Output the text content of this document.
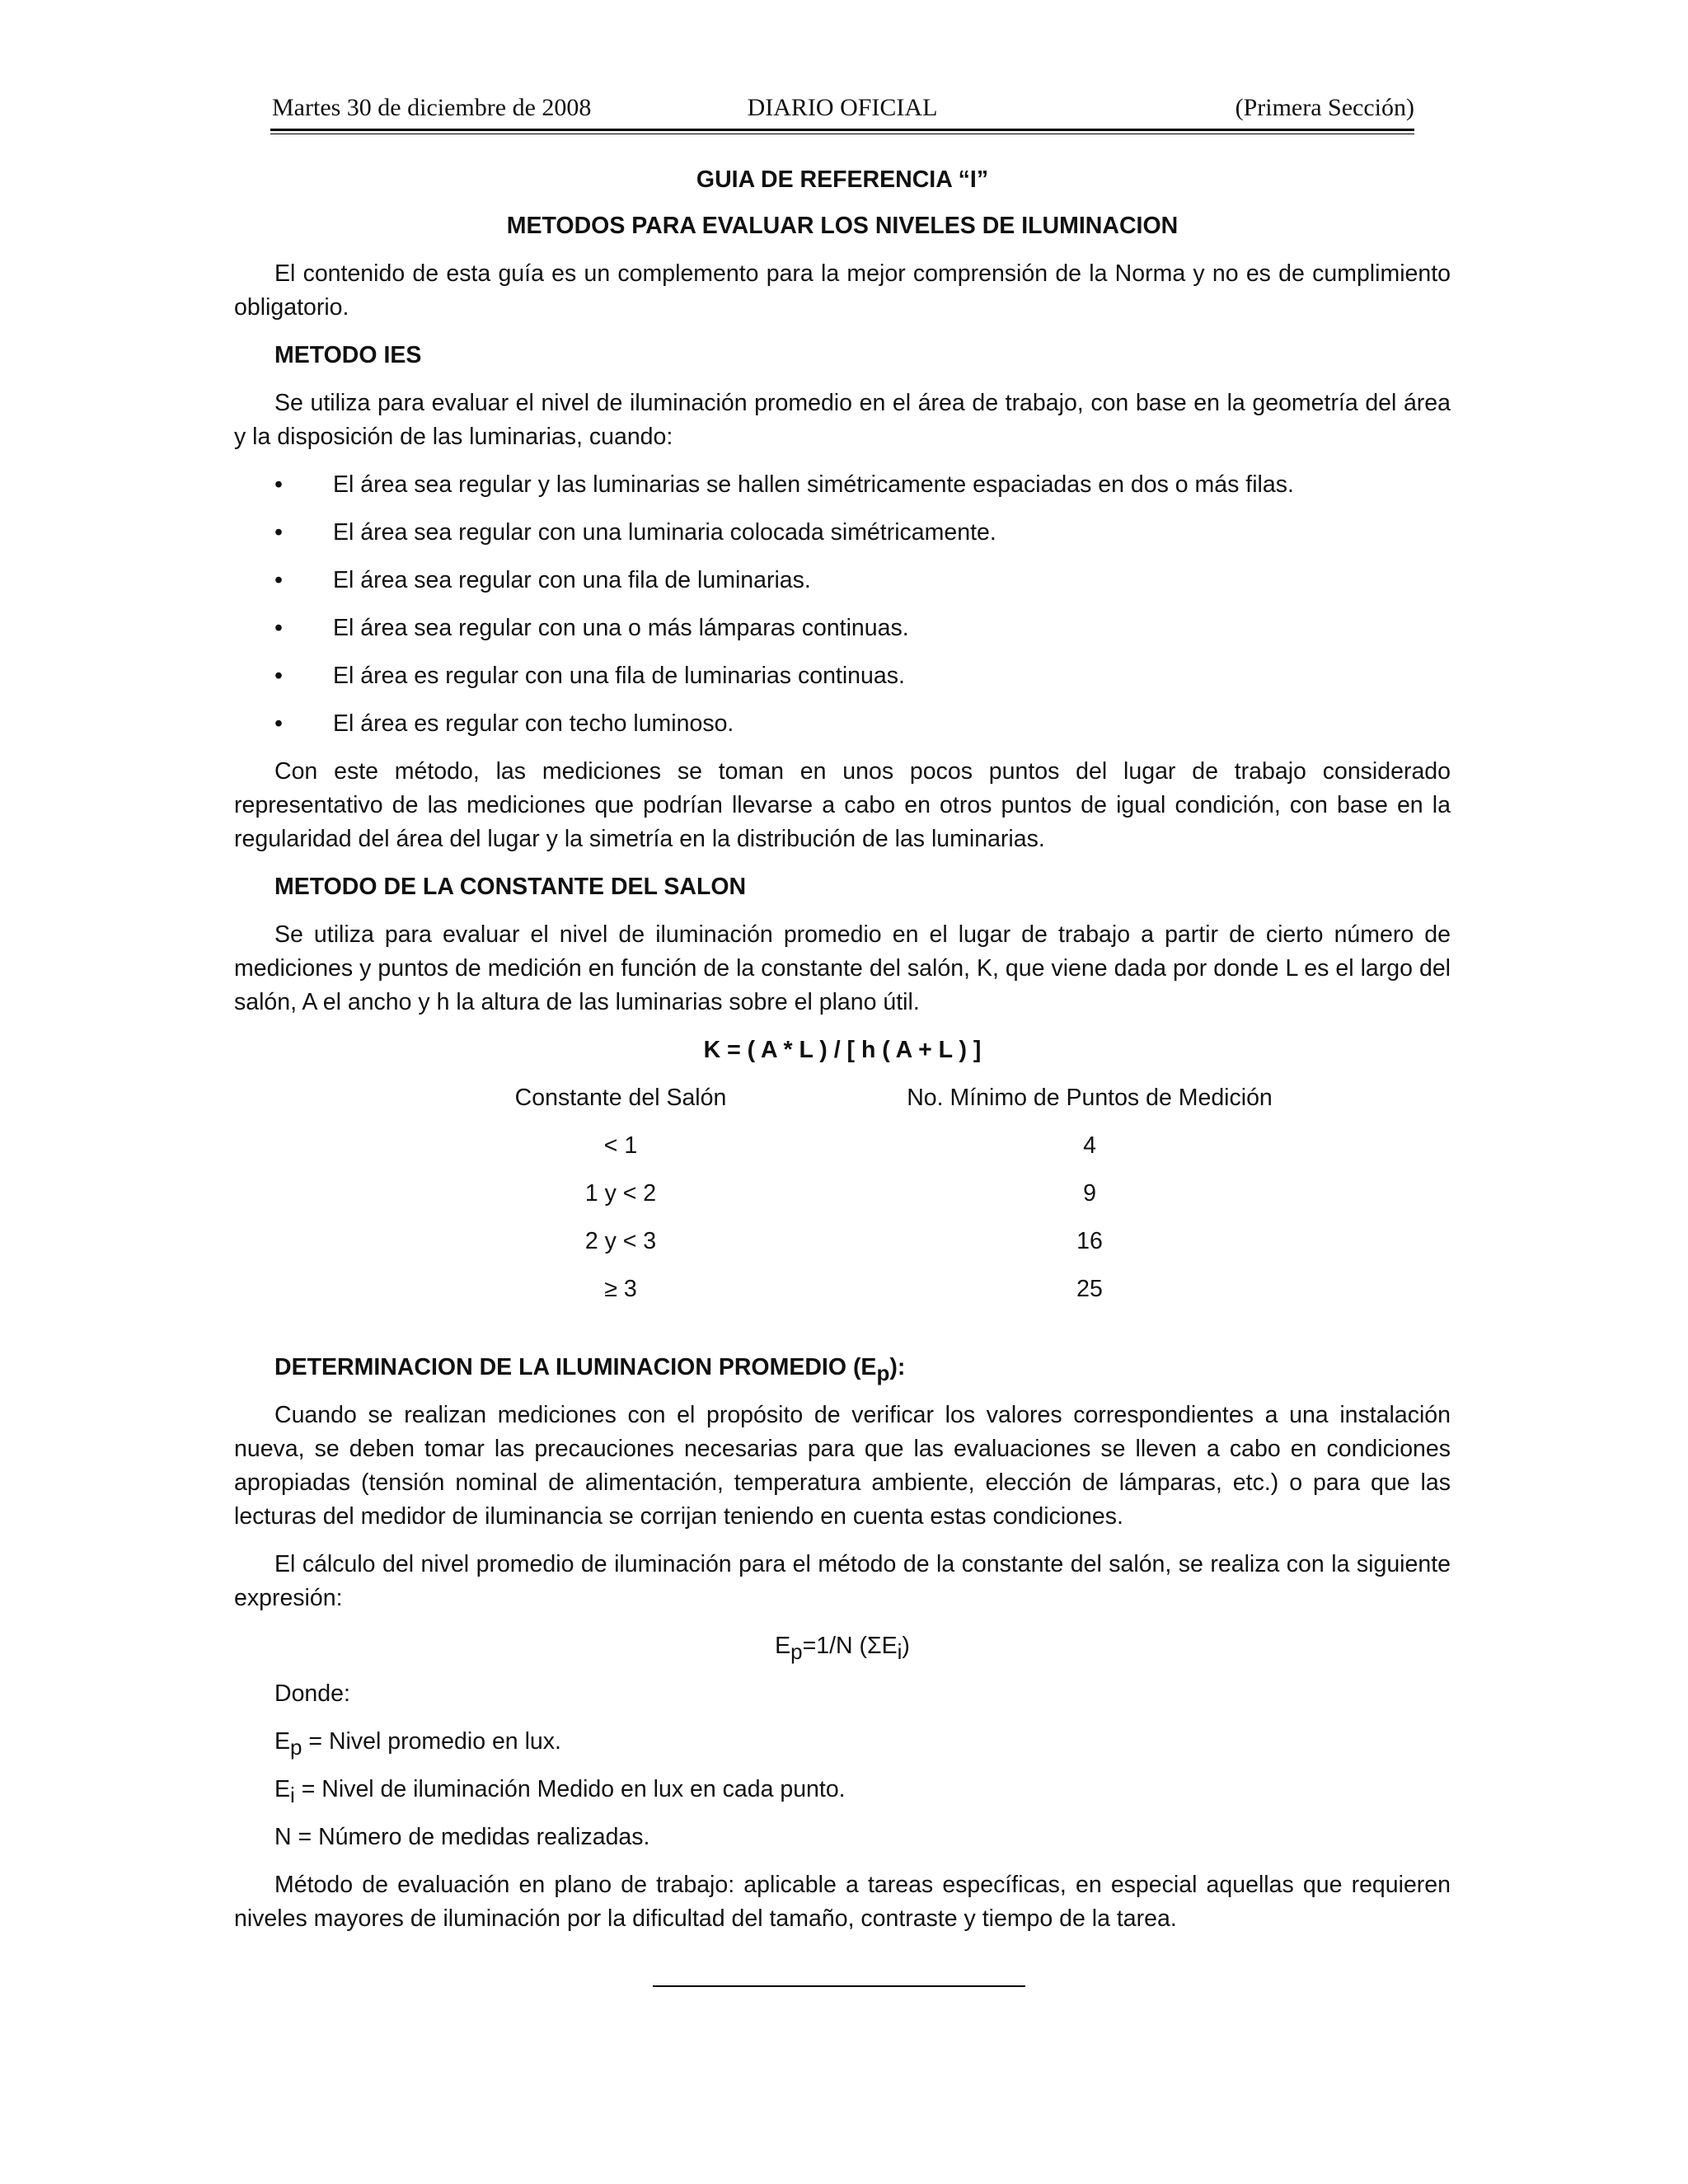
Martes 30 de diciembre de 2008	DIARIO OFICIAL	(Primera Sección)
GUIA DE REFERENCIA “I”
METODOS PARA EVALUAR LOS NIVELES DE ILUMINACION

El contenido de esta guía es un complemento para la mejor comprensión de la Norma y no es de cumplimiento obligatorio.

METODO IES

Se utiliza para evaluar el nivel de iluminación promedio en el área de trabajo, con base en la geometría del área y la disposición de las luminarias, cuando:

• El área sea regular y las luminarias se hallen simétricamente espaciadas en dos o más filas.
• El área sea regular con una luminaria colocada simétricamente.
• El área sea regular con una fila de luminarias.
• El área sea regular con una o más lámparas continuas.
• El área es regular con una fila de luminarias continuas.
• El área es regular con techo luminoso.

Con este método, las mediciones se toman en unos pocos puntos del lugar de trabajo considerado representativo de las mediciones que podrían llevarse a cabo en otros puntos de igual condición, con base en la regularidad del área del lugar y la simetría en la distribución de las luminarias.

METODO DE LA CONSTANTE DEL SALON

Se utiliza para evaluar el nivel de iluminación promedio en el lugar de trabajo a partir de cierto número de mediciones y puntos de medición en función de la constante del salón, K, que viene dada por donde L es el largo del salón, A el ancho y h la altura de las luminarias sobre el plano útil.

K = ( A * L ) / [ h ( A + L ) ]
Constante del Salón	No. Mínimo de Puntos de Medición
< 1	4
1 y < 2	9
2 y < 3	16
≥ 3	25
DETERMINACION DE LA ILUMINACION PROMEDIO $(E_p)$:

Cuando se realizan mediciones con el propósito de verificar los valores correspondientes a una instalación nueva, se deben tomar las precauciones necesarias para que las evaluaciones se lleven a cabo en condiciones apropiadas (tensión nominal de alimentación, temperatura ambiente, elección de lámparas, etc.) o para que las lecturas del medidor de iluminancia se corrijan teniendo en cuenta estas condiciones.

El cálculo del nivel promedio de iluminación para el método de la constante del salón, se realiza con la siguiente expresión:

$E_p=1/N$ $(\Sigma E_i)$

Donde:

$E_p$ = Nivel promedio en lux.

$E_i$ = Nivel de iluminación Medido en lux en cada punto.

N = Número de medidas realizadas.

Método de evaluación en plano de trabajo: aplicable a tareas específicas, en especial aquellas que requieren niveles mayores de iluminación por la dificultad del tamaño, contraste y tiempo de la tarea.
